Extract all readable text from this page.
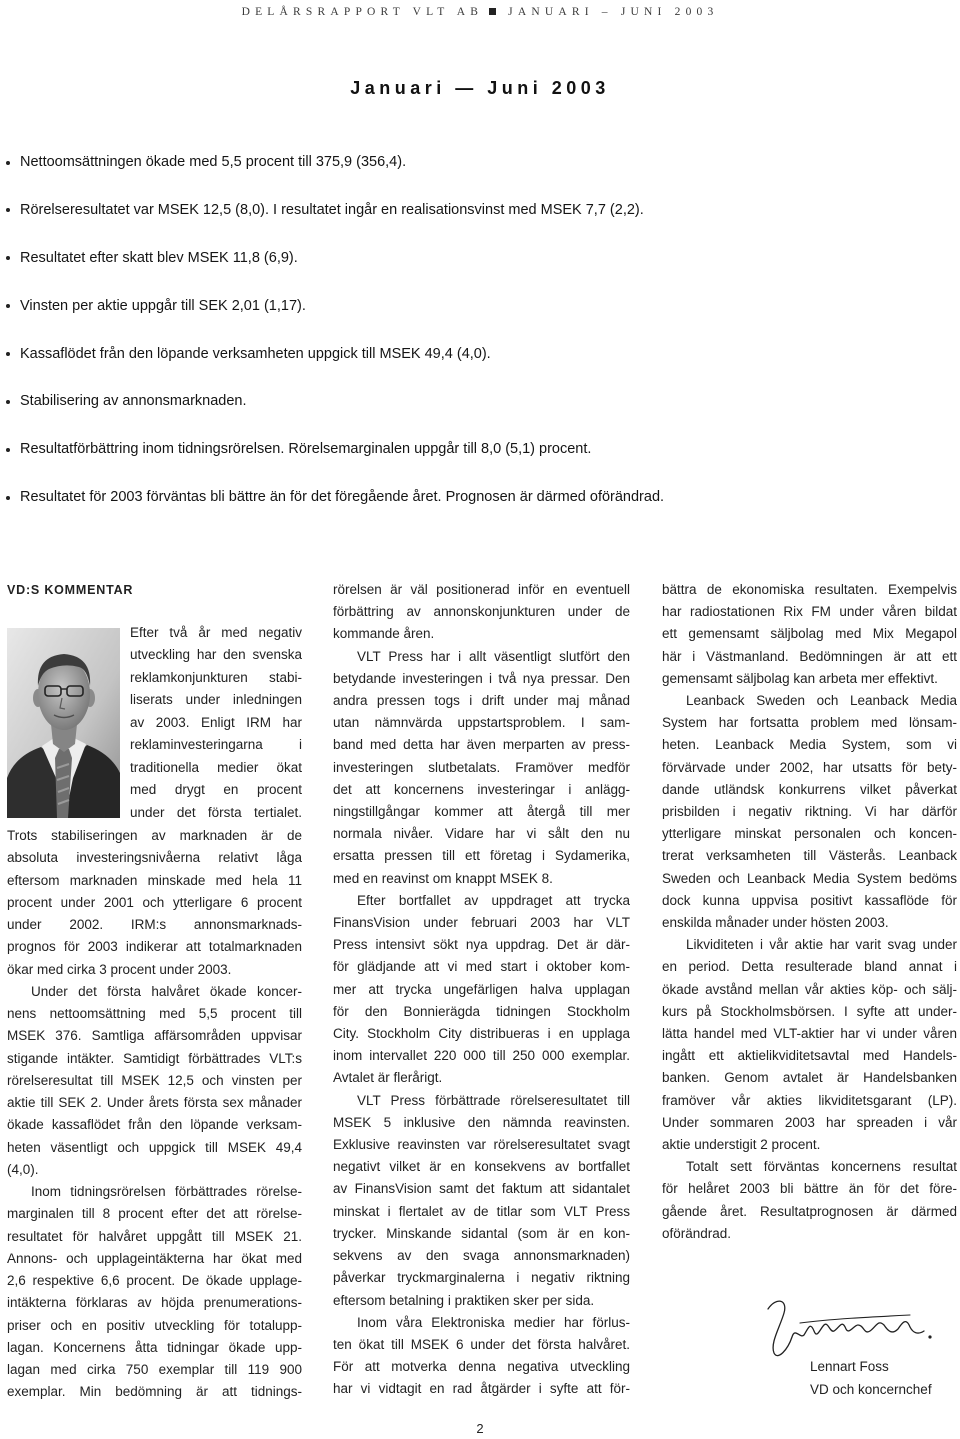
DELÅRSRAPPORT VLT AB JANUARI – JUNI 2003
Januari — Juni 2003
Nettoomsättningen ökade med 5,5 procent till 375,9 (356,4).
Rörelseresultatet var MSEK 12,5 (8,0). I resultatet ingår en realisationsvinst med MSEK 7,7 (2,2).
Resultatet efter skatt blev MSEK 11,8 (6,9).
Vinsten per aktie uppgår till SEK 2,01 (1,17).
Kassaflödet från den löpande verksamheten uppgick till MSEK 49,4 (4,0).
Stabilisering av annonsmarknaden.
Resultatförbättring inom tidningsrörelsen. Rörelsemarginalen uppgår till 8,0 (5,1) procent.
Resultatet för 2003 förväntas bli bättre än för det föregående året. Prognosen är därmed oförändrad.
VD:S KOMMENTAR
Efter två år med negativ
utveckling har den svenska
reklamkonjunkturen stabi-
liserats under inledningen
av 2003. Enligt IRM har
reklaminvesteringarna i
traditionella medier ökat
med drygt en procent
under det första tertialet.
Trots stabiliseringen av marknaden är de
absoluta investeringsnivåerna relativt låga
eftersom marknaden minskade med hela 11
procent under 2001 och ytterligare 6 procent
under 2002. IRM:s annonsmarknads-
prognos för 2003 indikerar att totalmarknaden
ökar med cirka 3 procent under 2003.
Under det första halvåret ökade koncer-
nens nettoomsättning med 5,5 procent till
MSEK 376. Samtliga affärsområden uppvisar
stigande intäkter. Samtidigt förbättrades VLT:s
rörelseresultat till MSEK 12,5 och vinsten per
aktie till SEK 2. Under årets första sex månader
ökade kassaflödet från den löpande verksam-
heten väsentligt och uppgick till MSEK 49,4
(4,0).
Inom tidningsrörelsen förbättrades rörelse-
marginalen till 8 procent efter det att rörelse-
resultatet för halvåret uppgått till MSEK 21.
Annons- och upplageintäkterna har ökat med
2,6 respektive 6,6 procent. De ökade upplage-
intäkterna förklaras av höjda prenumerations-
priser och en positiv utveckling för totalupp-
lagan. Koncernens åtta tidningar ökade upp-
lagan med cirka 750 exemplar till 119 900
exemplar. Min bedömning är att tidnings-
rörelsen är väl positionerad inför en eventuell
förbättring av annonskonjunkturen under de
kommande åren.
VLT Press har i allt väsentligt slutfört den
betydande investeringen i två nya pressar. Den
andra pressen togs i drift under maj månad
utan nämnvärda uppstartsproblem. I sam-
band med detta har även merparten av press-
investeringen slutbetalats. Framöver medför
det att koncernens investeringar i anlägg-
ningstillgångar kommer att återgå till mer
normala nivåer. Vidare har vi sålt den nu
ersatta pressen till ett företag i Sydamerika,
med en reavinst om knappt MSEK 8.
Efter bortfallet av uppdraget att trycka
FinansVision under februari 2003 har VLT
Press intensivt sökt nya uppdrag. Det är där-
för glädjande att vi med start i oktober kom-
mer att trycka ungefärligen halva upplagan
för den Bonnierägda tidningen Stockholm
City. Stockholm City distribueras i en upplaga
inom intervallet 220 000 till 250 000 exemplar.
Avtalet är flerårigt.
VLT Press förbättrade rörelseresultatet till
MSEK 5 inklusive den nämnda reavinsten.
Exklusive reavinsten var rörelseresultatet svagt
negativt vilket är en konsekvens av bortfallet
av FinansVision samt det faktum att sidantalet
minskat i flertalet av de titlar som VLT Press
trycker. Minskande sidantal (som är en kon-
sekvens av den svaga annonsmarknaden)
påverkar tryckmarginalerna i negativ riktning
eftersom betalning i praktiken sker per sida.
Inom våra Elektroniska medier har förlus-
ten ökat till MSEK 6 under det första halvåret.
För att motverka denna negativa utveckling
har vi vidtagit en rad åtgärder i syfte att för-
bättra de ekonomiska resultaten. Exempelvis
har radiostationen Rix FM under våren bildat
ett gemensamt säljbolag med Mix Megapol
här i Västmanland. Bedömningen är att ett
gemensamt säljbolag kan arbeta mer effektivt.
Leanback Sweden och Leanback Media
System har fortsatta problem med lönsam-
heten. Leanback Media System, som vi
förvärvade under 2002, har utsatts för bety-
dande utländsk konkurrens vilket påverkat
prisbilden i negativ riktning. Vi har därför
ytterligare minskat personalen och koncen-
trerat verksamheten till Västerås. Leanback
Sweden och Leanback Media System bedöms
dock kunna uppvisa positivt kassaflöde för
enskilda månader under hösten 2003.
Likviditeten i vår aktie har varit svag under
en period. Detta resulterade bland annat i
ökade avstånd mellan vår akties köp- och sälj-
kurs på Stockholmsbörsen. I syfte att under-
lätta handel med VLT-aktier har vi under våren
ingått ett aktielikviditetsavtal med Handels-
banken. Genom avtalet är Handelsbanken
framöver vår akties likviditetsgarant (LP).
Under sommaren 2003 har spreaden i vår
aktie understigit 2 procent.
Totalt sett förväntas koncernens resultat
för helåret 2003 bli bättre än för det före-
gående året. Resultatprognosen är därmed
oförändrad.
Lennart Foss
VD och koncernchef
2
